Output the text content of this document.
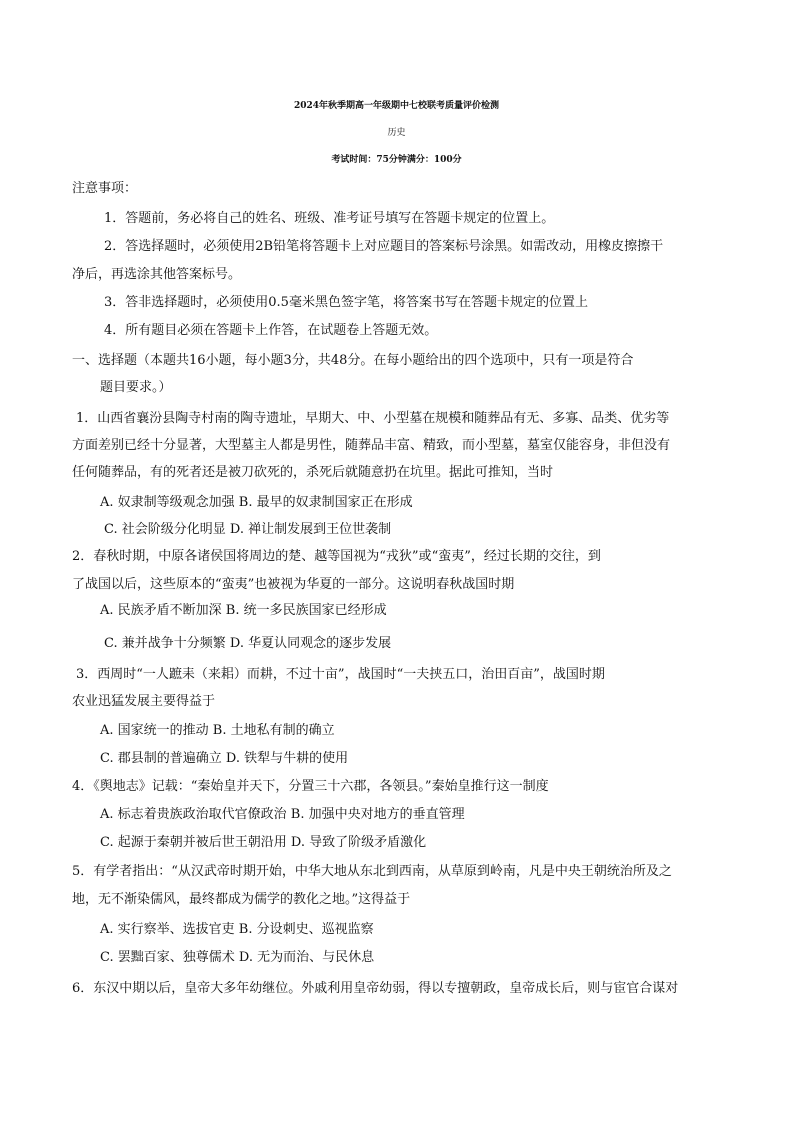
2024年秋季期高一年级期中七校联考质量评价检测
历史
考试时间：75分钟满分：100分
注意事项：
1．答题前，务必将自己的姓名、班级、准考证号填写在答题卡规定的位置上。
2．答选择题时，必须使用2B铅笔将答题卡上对应题目的答案标号涂黑。如需改动，用橡皮擦擦干
净后，再选涂其他答案标号。
3．答非选择题时，必须使用0.5毫米黑色签字笔，将答案书写在答题卡规定的位置上
4．所有题目必须在答题卡上作答，在试题卷上答题无效。
一、选择题（本题共16小题，每小题3分，共48分。在每小题给出的四个选项中，只有一项是符合
题目要求。）
1．山西省襄汾县陶寺村南的陶寺遗址，早期大、中、小型墓在规模和随葬品有无、多寡、品类、优劣等
方面差别已经十分显著，大型墓主人都是男性，随葬品丰富、精致，而小型墓，墓室仅能容身，非但没有
任何随葬品，有的死者还是被刀砍死的，杀死后就随意扔在坑里。据此可推知，当时
A. 奴隶制等级观念加强 B. 最早的奴隶制国家正在形成
C. 社会阶级分化明显 D. 禅让制发展到王位世袭制
2．春秋时期，中原各诸侯国将周边的楚、越等国视为“戎狄”或“蛮夷”，经过长期的交往，到
了战国以后，这些原本的“蛮夷”也被视为华夏的一部分。这说明春秋战国时期
A. 民族矛盾不断加深 B. 统一多民族国家已经形成
C. 兼并战争十分频繁 D. 华夏认同观念的逐步发展
3．西周时“一人蹠耒（来耜）而耕，不过十亩”，战国时“一夫挟五口，治田百亩”，战国时期
农业迅猛发展主要得益于
A. 国家统一的推动 B. 土地私有制的确立
C. 郡县制的普遍确立 D. 铁犁与牛耕的使用
4．《舆地志》记载：“秦始皇并天下，分置三十六郡，各领县。”秦始皇推行这一制度
A. 标志着贵族政治取代官僚政治 B. 加强中央对地方的垂直管理
C. 起源于秦朝并被后世王朝沿用 D. 导致了阶级矛盾激化
5．有学者指出：“从汉武帝时期开始，中华大地从东北到西南，从草原到岭南，凡是中央王朝统治所及之
地，无不渐染儒风，最终都成为儒学的教化之地。”这得益于
A. 实行察举、选拔官吏 B. 分设刺史、巡视监察
C. 罢黜百家、独尊儒术 D. 无为而治、与民休息
6．东汉中期以后，皇帝大多年幼继位。外戚利用皇帝幼弱，得以专擅朝政，皇帝成长后，则与宦官合谋对
